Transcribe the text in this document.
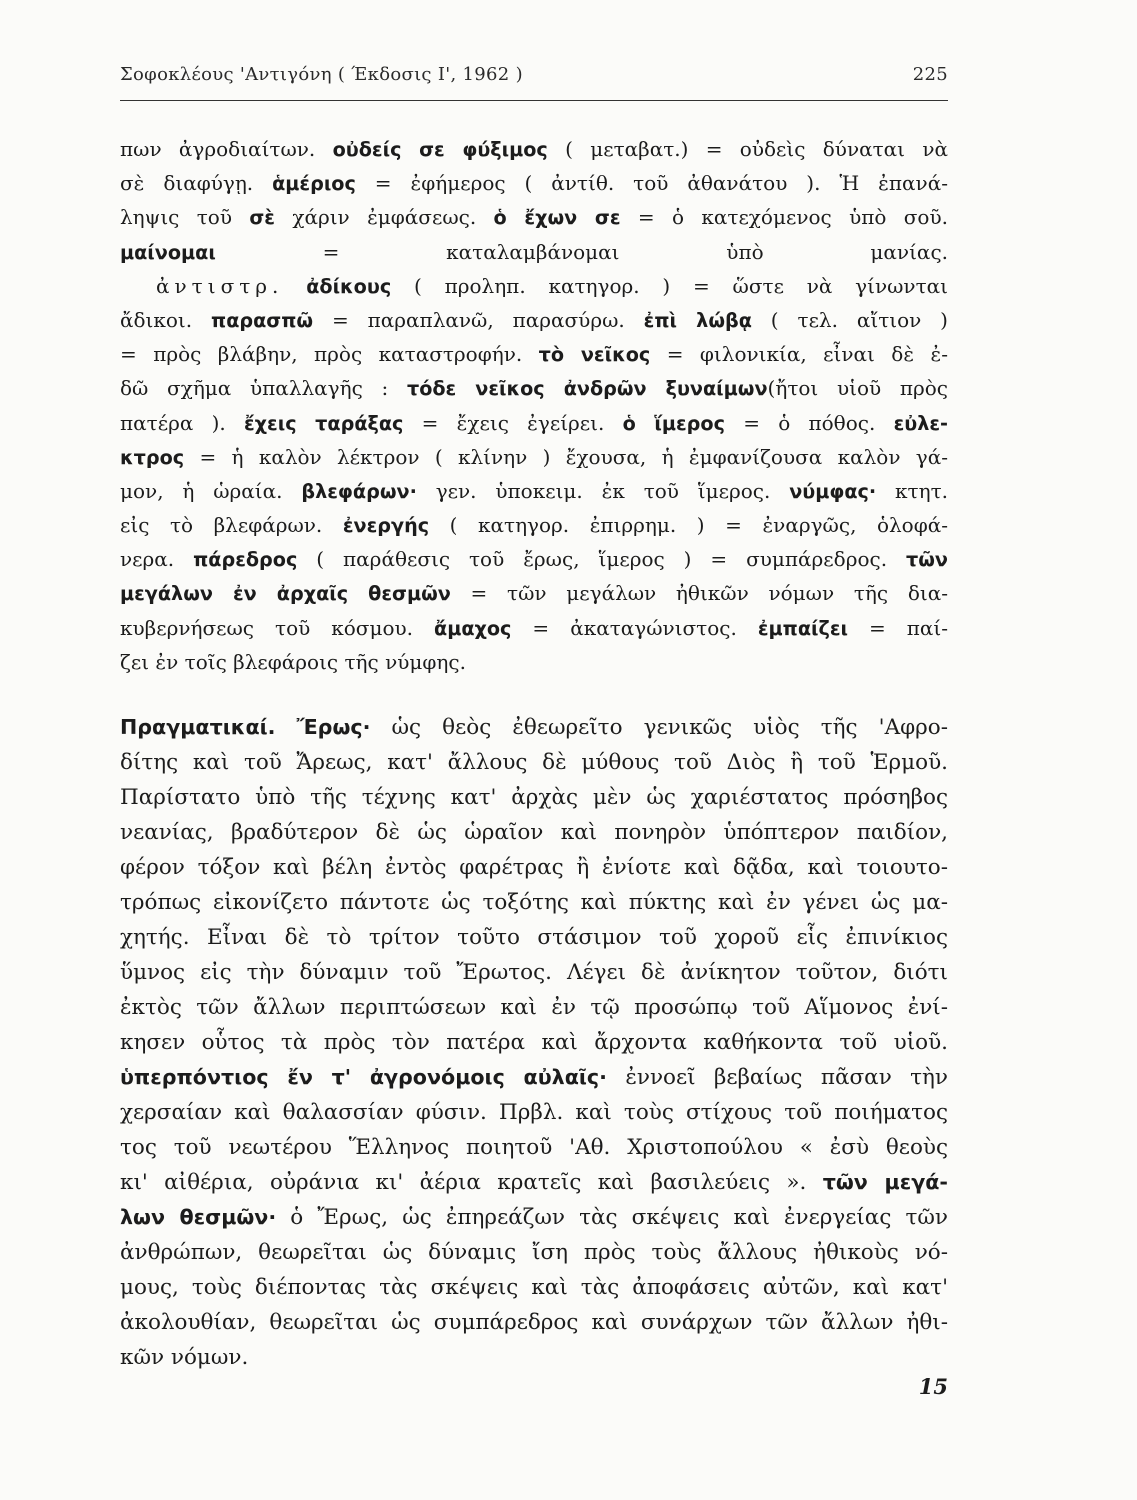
Σοφοκλέους 'Αντιγόνη ( Έκδοσις Ι', 1962 )	225
πων ἀγροδιαίτων. οὐδείς σε φύξιμος ( μεταβατ.) = οὐδεὶς δύναται νὰ
σὲ διαφύγῃ. ἁμέριος = ἐφήμερος ( ἀντίθ. τοῦ ἀθανάτου ). Ἡ ἐπανά-
ληψις τοῦ σὲ χάριν ἐμφάσεως. ὁ ἔχων σε = ὁ κατεχόμενος ὑπὸ σοῦ.
μαίνομαι = καταλαμβάνομαι ὑπὸ μανίας.
ἀντιστρ. ἀδίκους ( προληπ. κατηγορ. ) = ὥστε νὰ γίνωνται
ἄδικοι. παρασπῶ = παραπλανῶ, παρασύρω. ἐπὶ λώβᾳ ( τελ. αἴτιον )
= πρὸς βλάβην, πρὸς καταστροφήν. τὸ νεῖκος = φιλονικία, εἶναι δὲ ἐ-
δῶ σχῆμα ὑπαλλαγῆς : τόδε νεῖκος ἀνδρῶν ξυναίμων(ἤτοι υἱοῦ πρὸς
πατέρα ). ἔχεις ταράξας = ἔχεις ἐγείρει. ὁ ἵμερος = ὁ πόθος. εὐλε-
κτρος = ἡ καλὸν λέκτρον ( κλίνην ) ἔχουσα, ἡ ἐμφανίζουσα καλὸν γά-
μον, ἡ ὡραία. βλεφάρων· γεν. ὑποκειμ. ἐκ τοῦ ἵμερος. νύμφας· κτητ.
εἰς τὸ βλεφάρων. ἐνεργής ( κατηγορ. ἐπιρρημ. ) = ἐναργῶς, ὁλοφά-
νερα. πάρεδρος ( παράθεσις τοῦ ἔρως, ἵμερος ) = συμπάρεδρος. τῶν
μεγάλων ἐν ἀρχαῖς θεσμῶν = τῶν μεγάλων ἠθικῶν νόμων τῆς δια-
κυβερνήσεως τοῦ κόσμου. ἄμαχος = ἀκαταγώνιστος. ἐμπαίζει = παί-
ζει ἐν τοῖς βλεφάροις τῆς νύμφης.
Πραγματικαί. Ἔρως· ὡς θεὸς ἐθεωρεῖτο γενικῶς υἱὸς τῆς 'Αφρο-
δίτης καὶ τοῦ Ἄρεως, κατ' ἄλλους δὲ μύθους τοῦ Διὸς ἢ τοῦ Ἑρμοῦ.
Παρίστατο ὑπὸ τῆς τέχνης κατ' ἀρχὰς μὲν ὡς χαριέστατος πρόσηβος
νεανίας, βραδύτερον δὲ ὡς ὡραῖον καὶ πονηρὸν ὑπόπτερον παιδίον,
φέρον τόξον καὶ βέλη ἐντὸς φαρέτρας ἢ ἐνίοτε καὶ δᾷδα, καὶ τοιουτο-
τρόπως εἰκονίζετο πάντοτε ὡς τοξότης καὶ πύκτης καὶ ἐν γένει ὡς μα-
χητής. Εἶναι δὲ τὸ τρίτον τοῦτο στάσιμον τοῦ χοροῦ εἷς ἐπινίκιος
ὕμνος εἰς τὴν δύναμιν τοῦ Ἔρωτος. Λέγει δὲ ἀνίκητον τοῦτον, διότι
ἐκτὸς τῶν ἄλλων περιπτώσεων καὶ ἐν τῷ προσώπῳ τοῦ Αἵμονος ἐνί-
κησεν οὗτος τὰ πρὸς τὸν πατέρα καὶ ἄρχοντα καθήκοντα τοῦ υἱοῦ.
ὑπερπόντιος ἔν τ' ἀγρονόμοις αὐλαῖς· ἐννοεῖ βεβαίως πᾶσαν τὴν
χερσαίαν καὶ θαλασσίαν φύσιν. Πρβλ. καὶ τοὺς στίχους τοῦ ποιήματος
τος τοῦ νεωτέρου Ἕλληνος ποιητοῦ 'Αθ. Χριστοπούλου « ἐσὺ θεοὺς
κι' αἰθέρια, οὐράνια κι' ἀέρια κρατεῖς καὶ βασιλεύεις ». τῶν μεγά-
λων θεσμῶν· ὁ Ἔρως, ὡς ἐπηρεάζων τὰς σκέψεις καὶ ἐνεργείας τῶν
ἀνθρώπων, θεωρεῖται ὡς δύναμις ἴση πρὸς τοὺς ἄλλους ἠθικοὺς νό-
μους, τοὺς διέποντας τὰς σκέψεις καὶ τὰς ἀποφάσεις αὐτῶν, καὶ κατ'
ἀκολουθίαν, θεωρεῖται ὡς συμπάρεδρος καὶ συνάρχων τῶν ἄλλων ἠθι-
κῶν νόμων.
15
